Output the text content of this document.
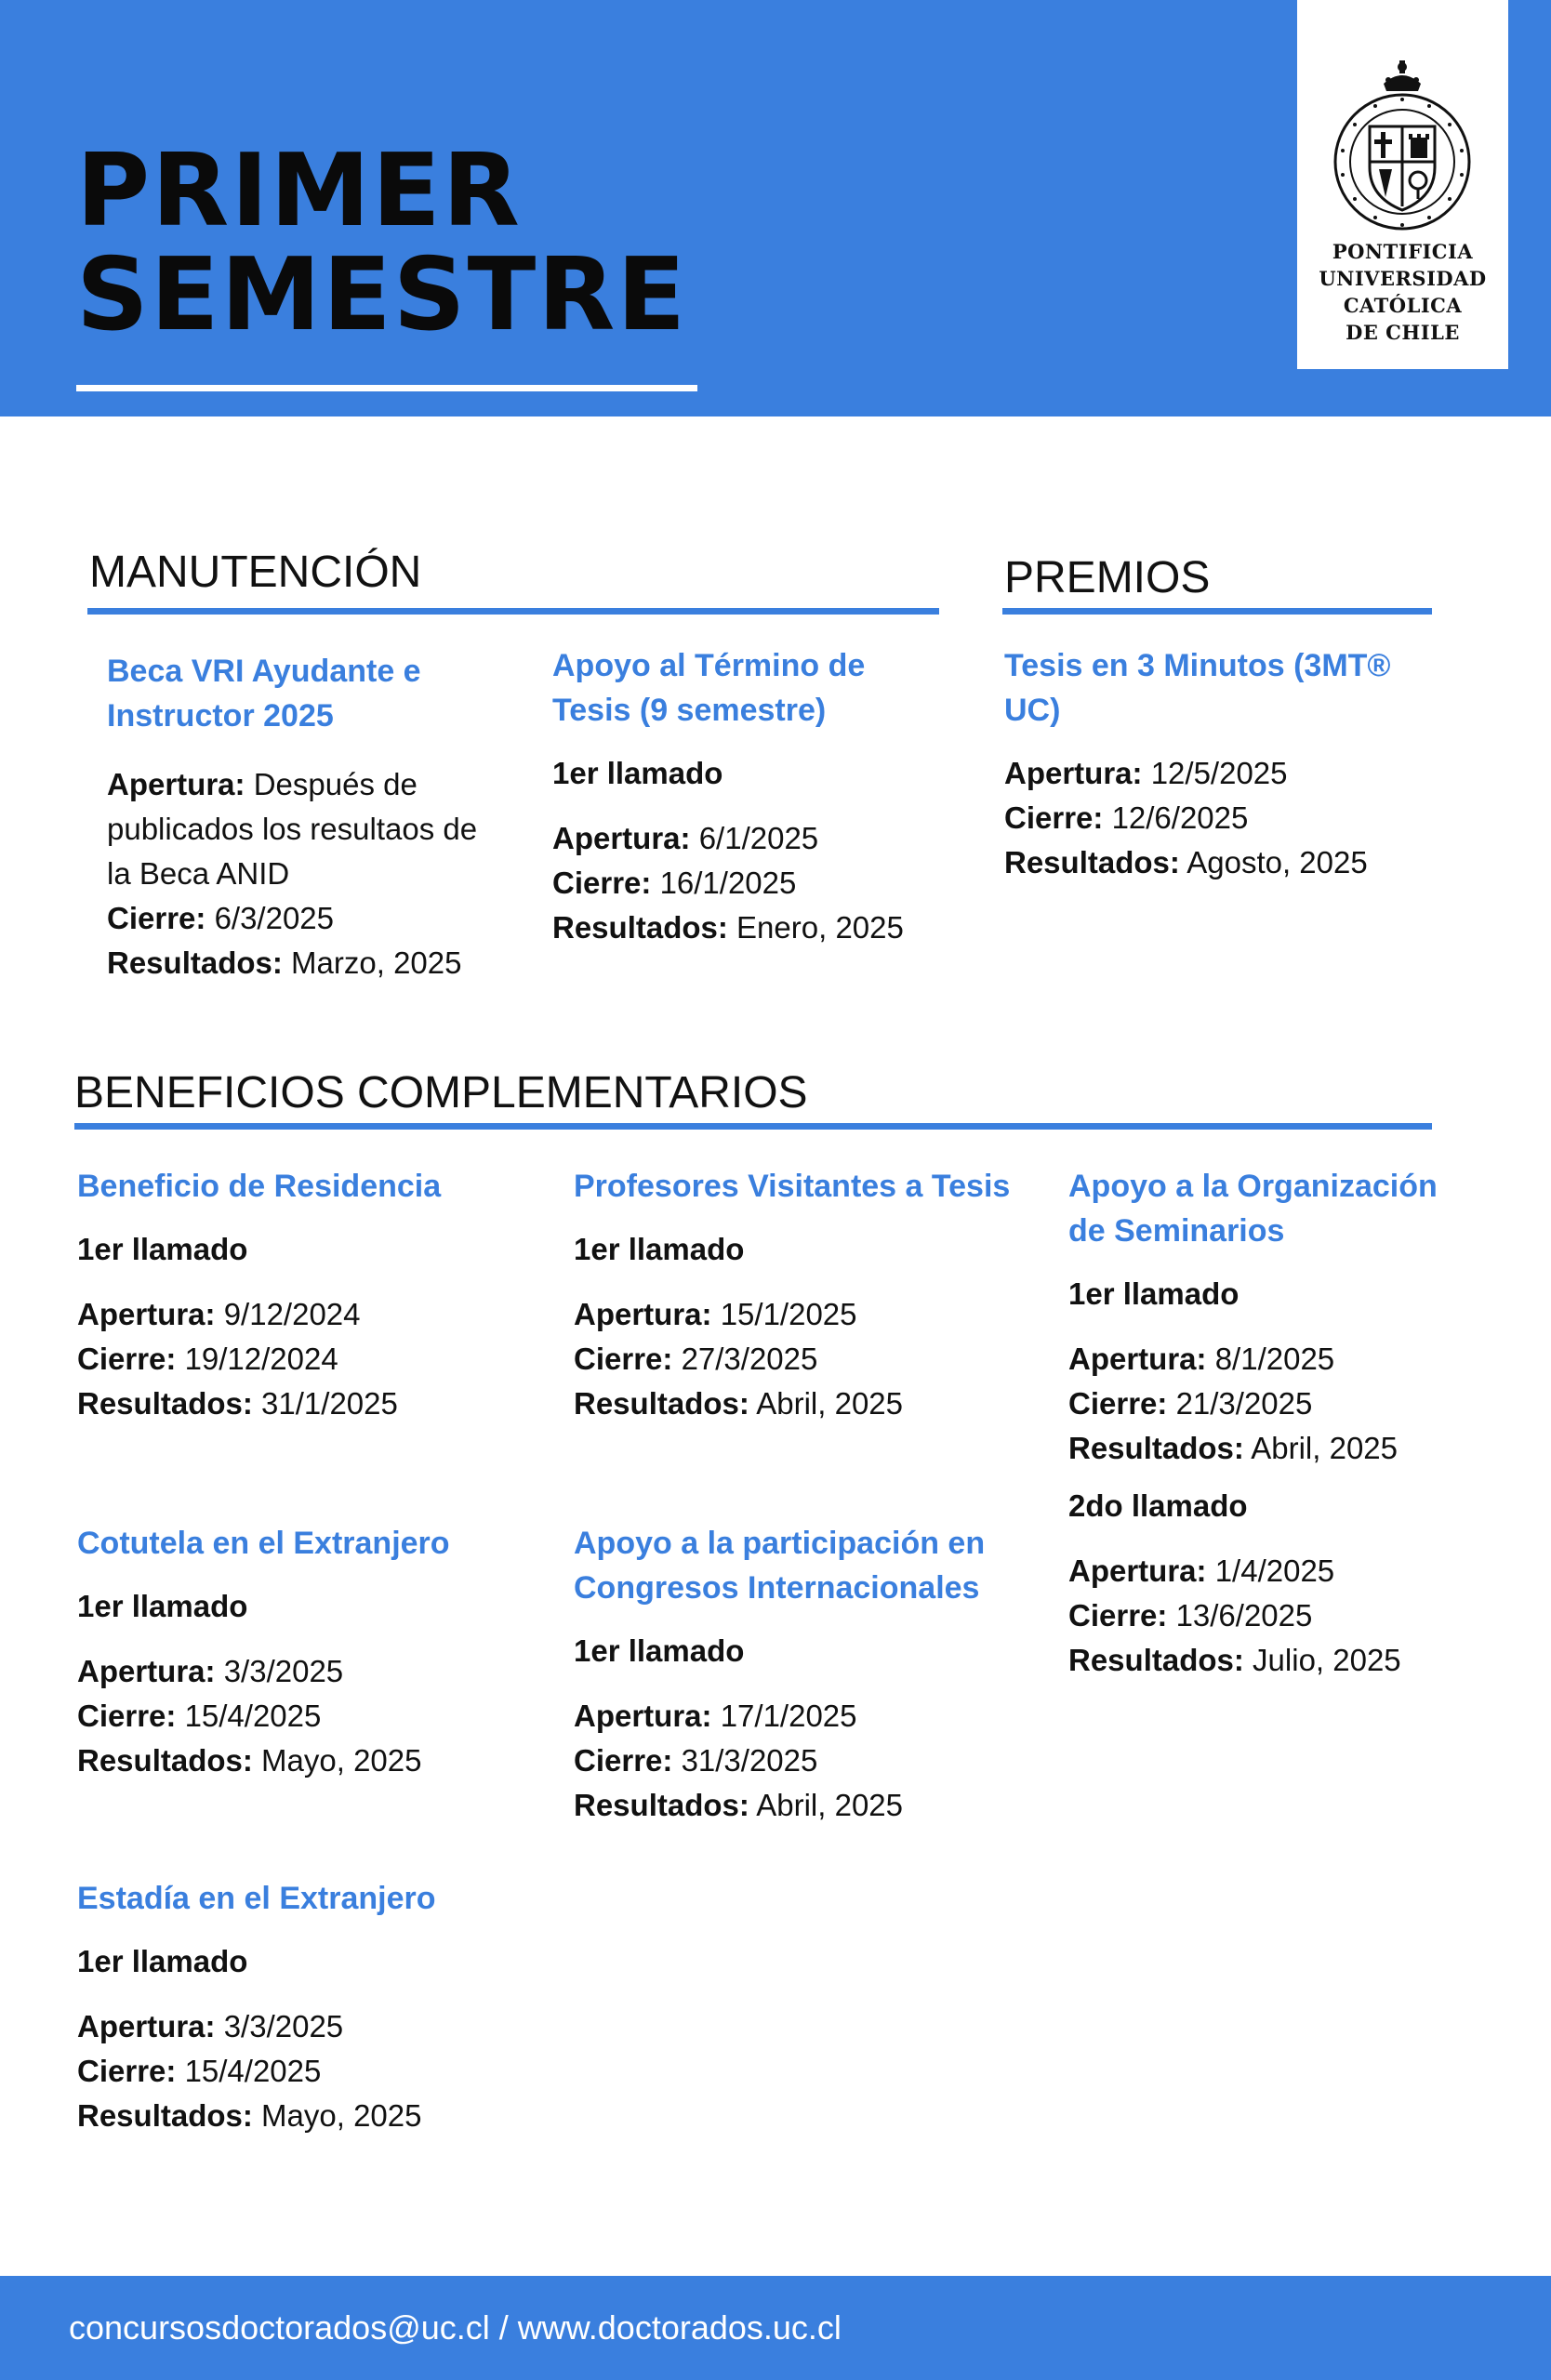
PRIMER
SEMESTRE	PONTIFICIA
UNIVERSIDAD
CATÓLICA
DE CHILE
MANUTENCIÓN

Beca VRI Ayudante e Instructor 2025

Apertura: Después de publicados los resultaos de la Beca ANID

Cierre: 6/3/2025

Resultados: Marzo, 2025

Apoyo al Término de Tesis (9 semestre)

1er llamado

Apertura: 6/1/2025

Cierre: 16/1/2025

Resultados: Enero, 2025

PREMIOS

Tesis en 3 Minutos (3MT® UC)

Apertura: 12/5/2025

Cierre: 12/6/2025

Resultados: Agosto, 2025

BENEFICIOS COMPLEMENTARIOS

Beneficio de Residencia

1er llamado

Apertura: 9/12/2024

Cierre: 19/12/2024

Resultados: 31/1/2025

Cotutela en el Extranjero

1er llamado

Apertura: 3/3/2025

Cierre: 15/4/2025

Resultados: Mayo, 2025

Estadía en el Extranjero

1er llamado

Apertura: 3/3/2025

Cierre: 15/4/2025

Resultados: Mayo, 2025

Profesores Visitantes a Tesis

1er llamado

Apertura: 15/1/2025

Cierre: 27/3/2025

Resultados: Abril, 2025

Apoyo a la participación en Congresos Internacionales

1er llamado

Apertura: 17/1/2025

Cierre: 31/3/2025

Resultados: Abril, 2025

Apoyo a la Organización de Seminarios

1er llamado

Apertura: 8/1/2025

Cierre: 21/3/2025

Resultados: Abril, 2025

2do llamado

Apertura: 1/4/2025

Cierre: 13/6/2025

Resultados: Julio, 2025

concursosdoctorados@uc.cl / www.doctorados.uc.cl
